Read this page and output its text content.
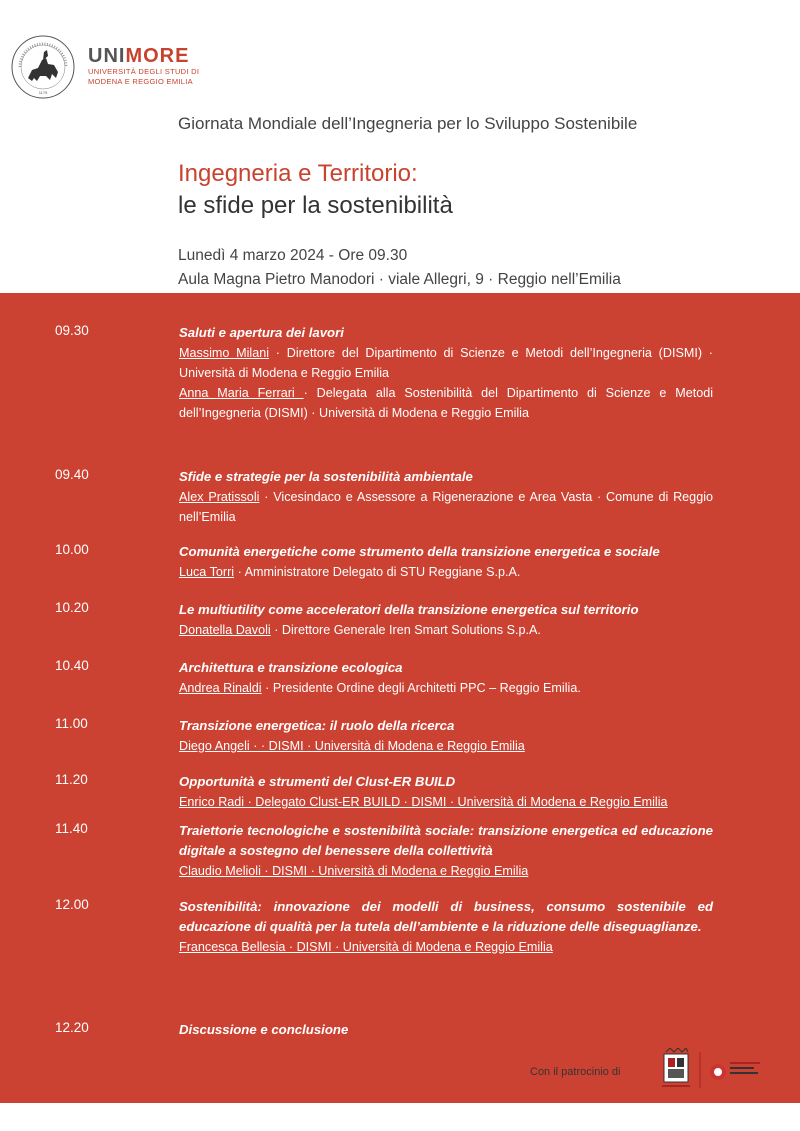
1175
UNIMORE
UNIVERSITÀ DEGLI STUDI DI
MODENA E REGGIO EMILIA
Giornata Mondiale dell’Ingegneria per lo Sviluppo Sostenibile
Ingegneria e Territorio:
le sfide per la sostenibilità
Lunedì 4 marzo 2024 - Ore 09.30
Aula Magna Pietro Manodori · viale Allegri, 9 · Reggio nell’Emilia
09.30	Saluti e apertura dei lavori
Massimo Milani · Direttore del Dipartimento di Scienze e Metodi dell’Ingegneria (DISMI) · Università di Modena e Reggio Emilia
Anna Maria Ferrari · Delegata alla Sostenibilità del Dipartimento di Scienze e Metodi dell’Ingegneria (DISMI) · Università di Modena e Reggio Emilia
09.40	Sfide e strategie per la sostenibilità ambientale
Alex Pratissoli · Vicesindaco e Assessore a Rigenerazione e Area Vasta · Comune di Reggio nell’Emilia
10.00	Comunità energetiche come strumento della transizione energetica e sociale
Luca Torri · Amministratore Delegato di STU Reggiane S.p.A.
10.20	Le multiutility come acceleratori della transizione energetica sul territorio
Donatella Davoli · Direttore Generale Iren Smart Solutions S.p.A.
10.40	Architettura e transizione ecologica
Andrea Rinaldi · Presidente Ordine degli Architetti PPC – Reggio Emilia.
11.00	Transizione energetica: il ruolo della ricerca
Diego Angeli · · DISMI · Università di Modena e Reggio Emilia
11.20	Opportunità e strumenti del Clust-ER BUILD
Enrico Radi · Delegato Clust-ER BUILD · DISMI · Università di Modena e Reggio Emilia
11.40	Traiettorie tecnologiche e sostenibilità sociale: transizione energetica ed educazione digitale a sostegno del benessere della collettività
Claudio Melioli · DISMI · Università di Modena e Reggio Emilia
12.00	Sostenibilità: innovazione dei modelli di business, consumo sostenibile ed educazione di qualità per la tutela dell’ambiente e la riduzione delle diseguaglianze.
Francesca Bellesia · DISMI · Università di Modena e Reggio Emilia
12.20	Discussione e conclusione
Con il patrocinio di
